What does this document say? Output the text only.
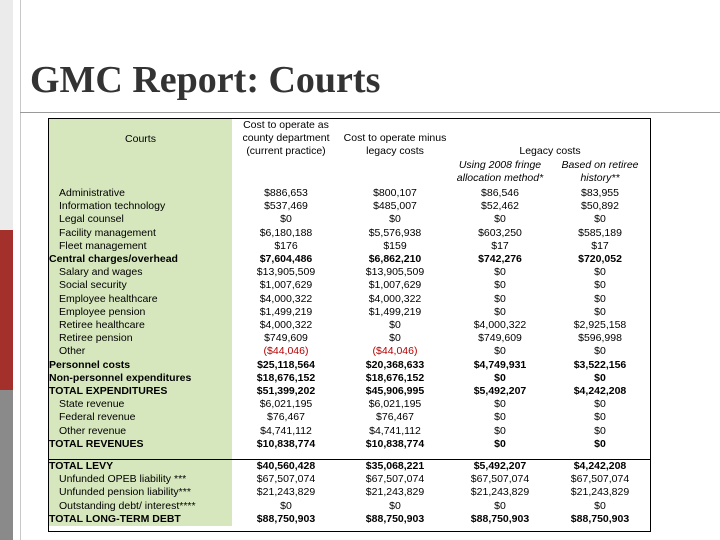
GMC Report: Courts
Courts	Cost to operate as county department (current practice)	Cost to operate minus legacy costs	Legacy costs	
			Using 2008 fringe allocation method*	Based on retiree history**
Administrative	$886,653	$800,107	$86,546	$83,955
Information technology	$537,469	$485,007	$52,462	$50,892
Legal counsel	$0	$0	$0	$0
Facility management	$6,180,188	$5,576,938	$603,250	$585,189
Fleet management	$176	$159	$17	$17
Central charges/overhead	$7,604,486	$6,862,210	$742,276	$720,052
Salary and wages	$13,905,509	$13,905,509	$0	$0
Social security	$1,007,629	$1,007,629	$0	$0
Employee healthcare	$4,000,322	$4,000,322	$0	$0
Employee pension	$1,499,219	$1,499,219	$0	$0
Retiree healthcare	$4,000,322	$0	$4,000,322	$2,925,158
Retiree pension	$749,609	$0	$749,609	$596,998
Other	($44,046)	($44,046)	$0	$0
Personnel costs	$25,118,564	$20,368,633	$4,749,931	$3,522,156
Non-personnel expenditures	$18,676,152	$18,676,152	$0	$0
TOTAL EXPENDITURES	$51,399,202	$45,906,995	$5,492,207	$4,242,208
State revenue	$6,021,195	$6,021,195	$0	$0
Federal revenue	$76,467	$76,467	$0	$0
Other revenue	$4,741,112	$4,741,112	$0	$0
TOTAL REVENUES	$10,838,774	$10,838,774	$0	$0

TOTAL LEVY	$40,560,428	$35,068,221	$5,492,207	$4,242,208
Unfunded OPEB liability ***	$67,507,074	$67,507,074	$67,507,074	$67,507,074
Unfunded pension liability***	$21,243,829	$21,243,829	$21,243,829	$21,243,829
Outstanding debt/ interest****	$0	$0	$0	$0
TOTAL LONG-TERM DEBT	$88,750,903	$88,750,903	$88,750,903	$88,750,903
